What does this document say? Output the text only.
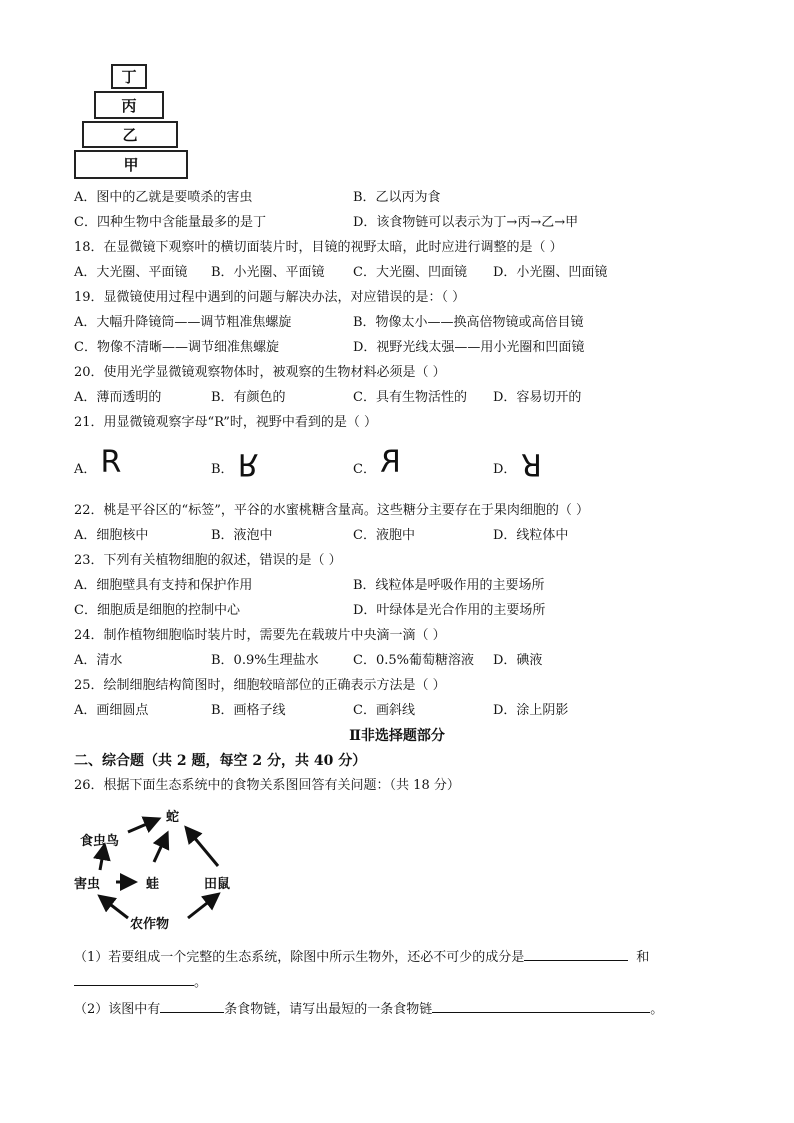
丁
丙
乙
甲
A．图中的乙就是要喷杀的害虫	B．乙以丙为食
C．四种生物中含能量最多的是丁	D．该食物链可以表示为丁→丙→乙→甲
18．在显微镜下观察叶的横切面装片时，目镜的视野太暗，此时应进行调整的是（ ）
A．大光圈、平面镜 B．小光圈、平面镜 C．大光圈、凹面镜 D．小光圈、凹面镜
19．显微镜使用过程中遇到的问题与解决办法，对应错误的是：（ ）
A．大幅升降镜筒——调节粗准焦螺旋	B．物像太小——换高倍物镜或高倍目镜
C．物像不清晰——调节细准焦螺旋	D．视野光线太强——用小光圈和凹面镜
20．使用光学显微镜观察物体时，被观察的生物材料必须是（ ）
A．薄而透明的	B．有颜色的	C．具有生物活性的 D．容易切开的
21．用显微镜观察字母“R”时，视野中看到的是（ ）
A． R	B． R	C． R	D． R
22．桃是平谷区的“标签”，平谷的水蜜桃糖含量高。这些糖分主要存在于果肉细胞的（ ）
A．细胞核中	B．液泡中	C．液胞中	D．线粒体中
23．下列有关植物细胞的叙述，错误的是（ ）
A．细胞壁具有支持和保护作用	B．线粒体是呼吸作用的主要场所
C．细胞质是细胞的控制中心	D．叶绿体是光合作用的主要场所
24．制作植物细胞临时装片时，需要先在载玻片中央滴一滴（ ）
A．清水	B．0.9%生理盐水	C．0.5%葡萄糖溶液 D．碘液
25．绘制细胞结构简图时，细胞较暗部位的正确表示方法是（ ）
A．画细圆点	B．画格子线	C．画斜线	D．涂上阴影
Ⅱ非选择题部分
二、综合题（共 2 题，每空 2 分，共 40 分）
26．根据下面生态系统中的食物关系图回答有关问题：（共 18 分）
蛇
食虫鸟
害虫	蛙	田鼠
农作物
（1）若要组成一个完整的生态系统，除图中所示生物外，还必不可少的成分是	和
。
（2）该图中有	条食物链，请写出最短的一条食物链	。
